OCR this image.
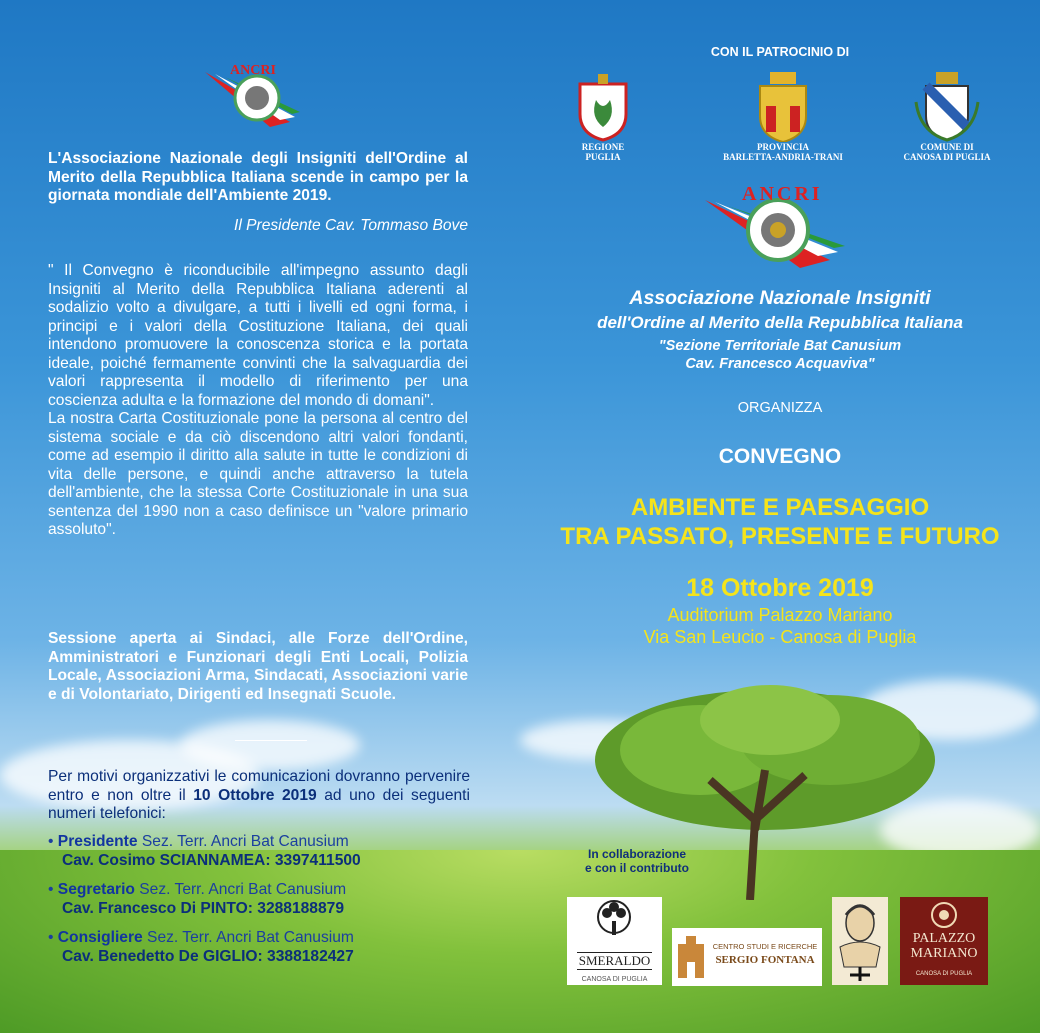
ANCRI
L'Associazione Nazionale degli Insigniti dell'Ordine al Merito della Repubblica Italiana scende in campo per la giornata mondiale dell'Ambiente 2019.
Il Presidente Cav. Tommaso Bove
" Il Convegno è riconducibile all'impegno assunto dagli Insigniti al Merito della Repubblica Italiana aderenti al sodalizio volto a divulgare, a tutti i livelli ed ogni forma, i principi e i valori della Costituzione Italiana, dei quali intendono promuovere la conoscenza storica e la portata ideale, poiché fermamente convinti che la salvaguardia dei valori rappresenta il modello di riferimento per una coscienza adulta e la formazione del mondo di domani".
La nostra Carta Costituzionale pone la persona al centro del sistema sociale e da ciò discendono altri valori fondanti, come ad esempio il diritto alla salute in tutte le condizioni di vita delle persone, e quindi anche attraverso la tutela dell'ambiente, che la stessa Corte Costituzionale in una sua sentenza del 1990 non a caso definisce un "valore primario assoluto".
Sessione aperta ai Sindaci, alle Forze dell'Ordine, Amministratori e Funzionari degli Enti Locali, Polizia Locale, Associazioni Arma, Sindacati, Associazioni varie e di Volontariato, Dirigenti ed Insegnati Scuole.
Per motivi organizzativi le comunicazioni dovranno pervenire entro e non oltre il 10 Ottobre 2019 ad uno dei seguenti numeri telefonici:
• Presidente Sez. Terr. Ancri Bat Canusium
Cav. Cosimo SCIANNAMEA: 3397411500
• Segretario Sez. Terr. Ancri Bat Canusium
Cav. Francesco Di PINTO: 3288188879
• Consigliere Sez. Terr. Ancri Bat Canusium
Cav. Benedetto De GIGLIO: 3388182427
CON IL PATROCINIO DI
REGIONE
PUGLIA
PROVINCIA
BARLETTA-ANDRIA-TRANI
COMUNE DI
CANOSA DI PUGLIA
ANCRI
Associazione Nazionale Insigniti
dell'Ordine al Merito della Repubblica Italiana
"Sezione Territoriale Bat Canusium
Cav. Francesco Acquaviva"
ORGANIZZA
CONVEGNO
AMBIENTE E PAESAGGIO
TRA PASSATO, PRESENTE E FUTURO
18 Ottobre 2019
Auditorium Palazzo Mariano
Via San Leucio - Canosa di Puglia
In collaborazione
e con il contributo
SMERALDO
CANOSA DI PUGLIA
CENTRO STUDI E RICERCHE
SERGIO FONTANA
PALAZZO
MARIANO
CANOSA DI PUGLIA
